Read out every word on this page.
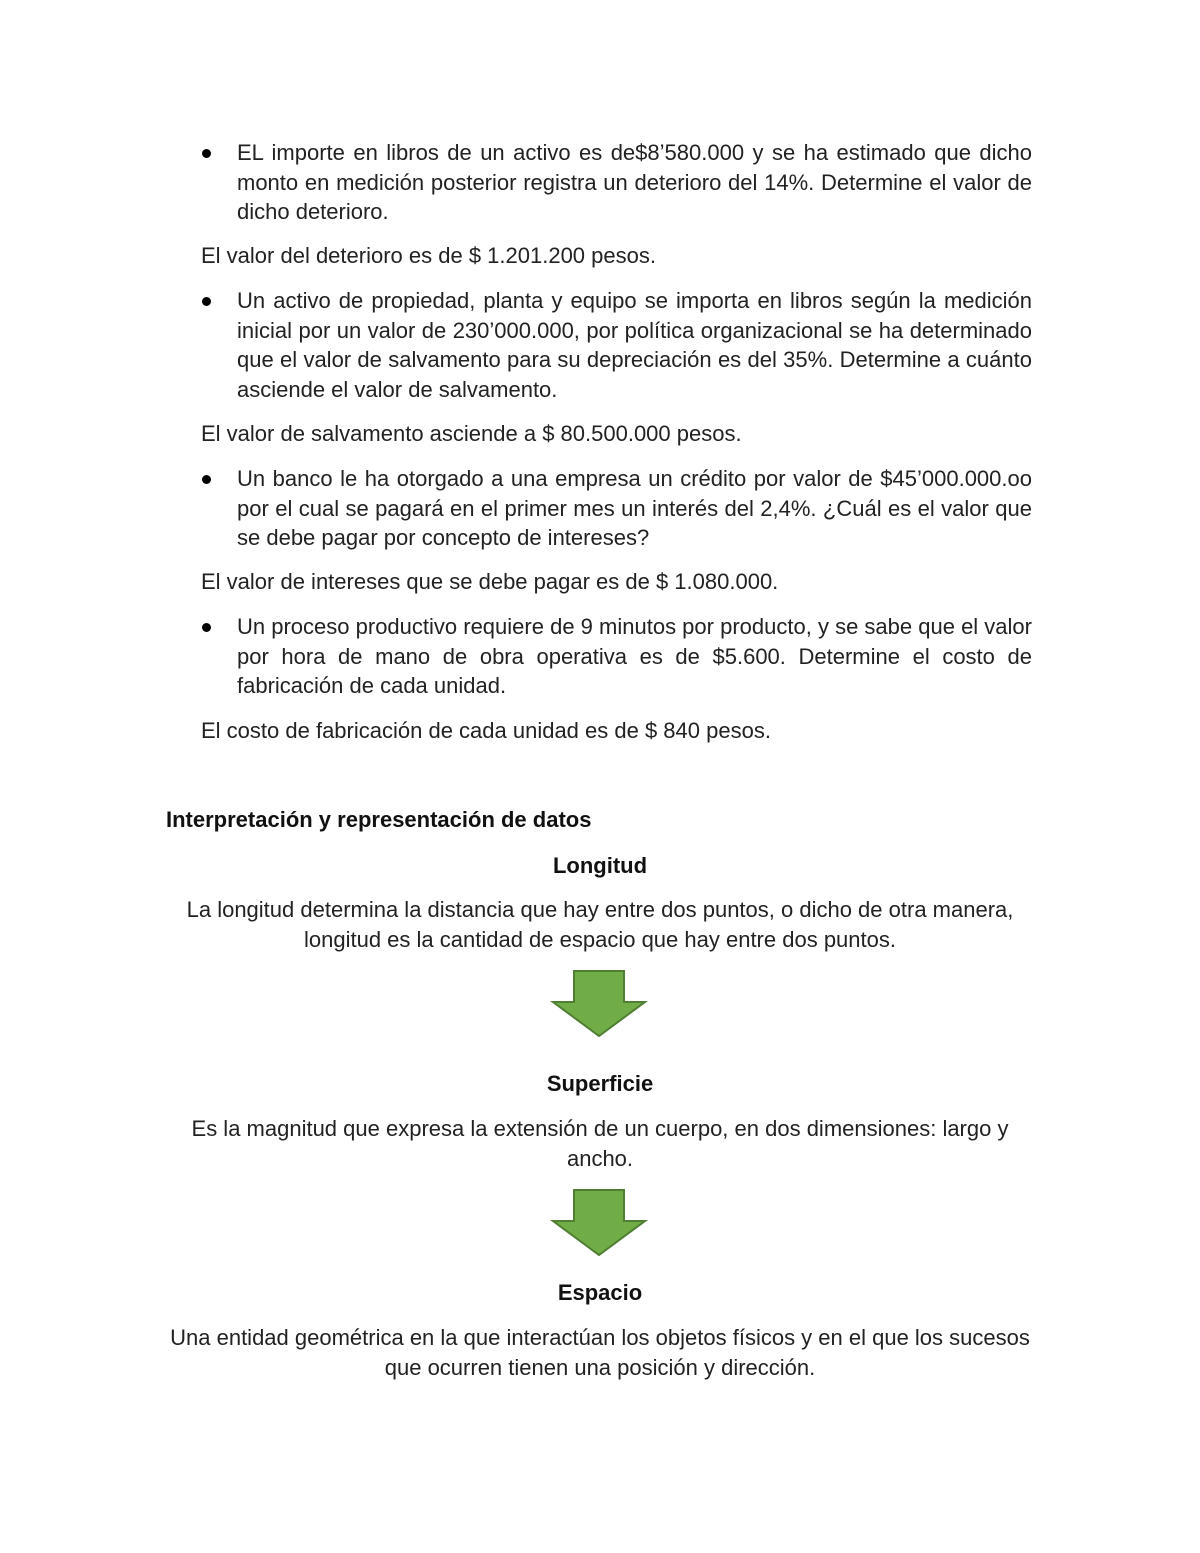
EL importe en libros de un activo es de$8’580.000 y se ha estimado que dicho monto en medición posterior registra un deterioro del 14%. Determine el valor de dicho deterioro.
El valor del deterioro es de $ 1.201.200 pesos.
Un activo de propiedad, planta y equipo se importa en libros según la medición inicial por un valor de 230’000.000, por política organizacional se ha determinado que el valor de salvamento para su depreciación es del 35%. Determine a cuánto asciende el valor de salvamento.
El valor de salvamento asciende a $ 80.500.000 pesos.
Un banco le ha otorgado a una empresa un crédito por valor de $45’000.000.oo por el cual se pagará en el primer mes un interés del 2,4%. ¿Cuál es el valor que se debe pagar por concepto de intereses?
El valor de intereses que se debe pagar es de $ 1.080.000.
Un proceso productivo requiere de 9 minutos por producto, y se sabe que el valor por hora de mano de obra operativa es de $5.600. Determine el costo de fabricación de cada unidad.
El costo de fabricación de cada unidad es de $ 840 pesos.
Interpretación y representación de datos
Longitud
La longitud determina la distancia que hay entre dos puntos, o dicho de otra manera, longitud es la cantidad de espacio que hay entre dos puntos.
Superficie
Es la magnitud que expresa la extensión de un cuerpo, en dos dimensiones: largo y ancho.
Espacio
Una entidad geométrica en la que interactúan los objetos físicos y en el que los sucesos que ocurren tienen una posición y dirección.
